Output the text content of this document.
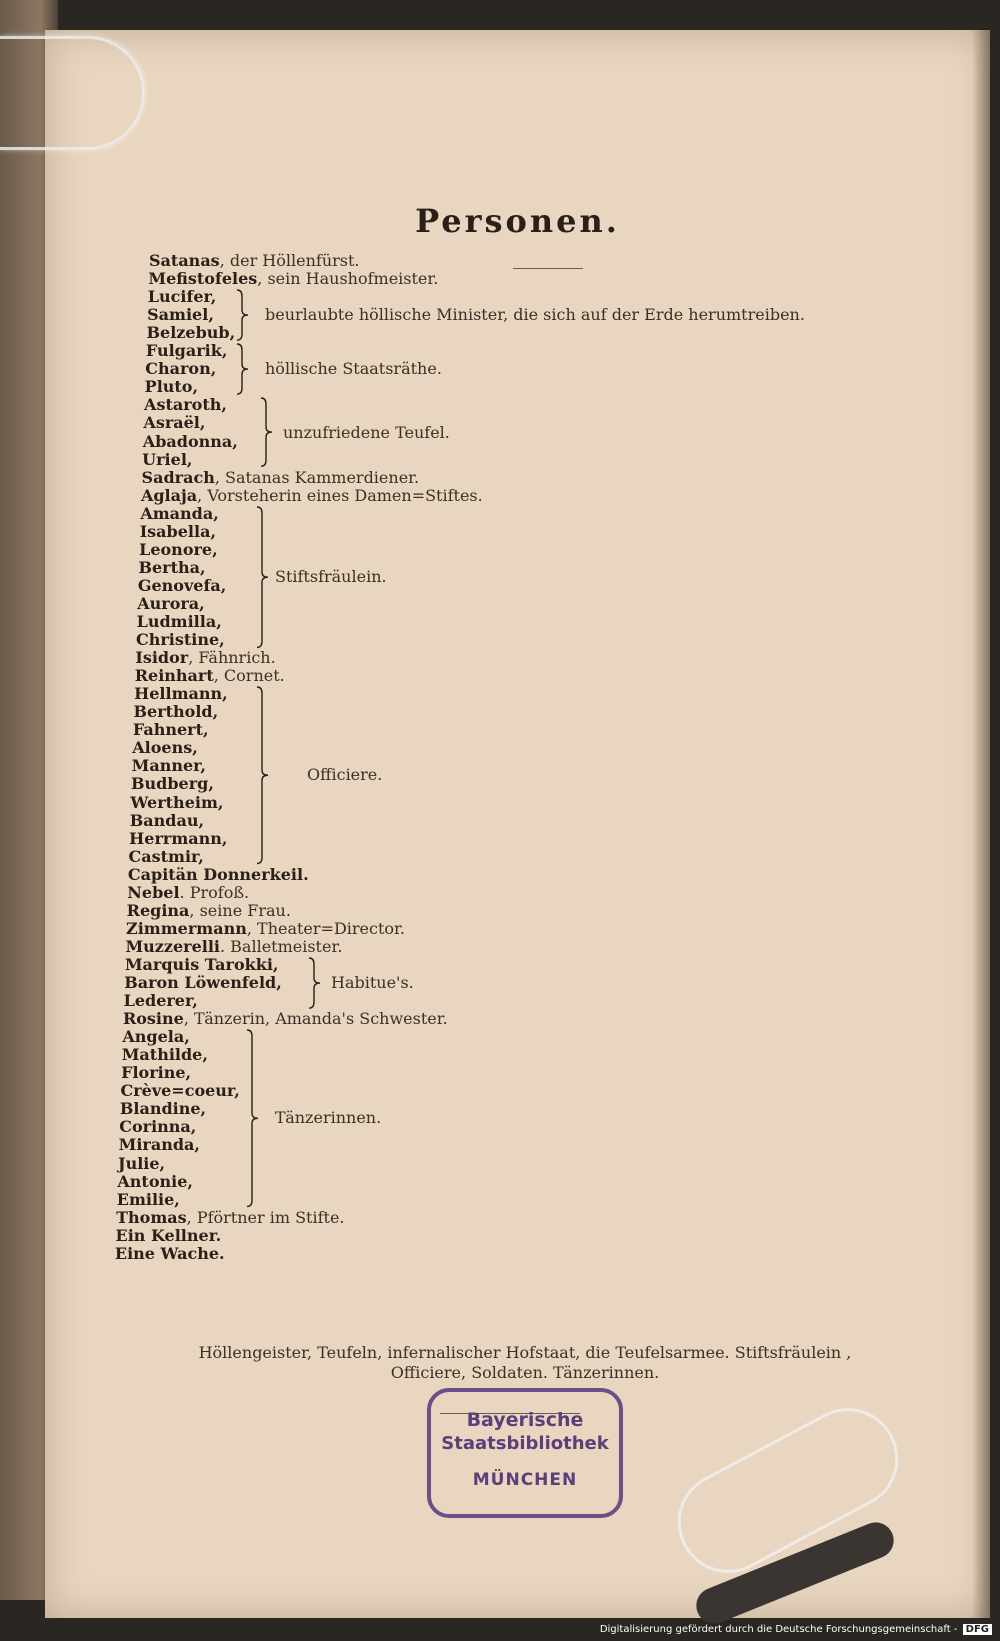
Personen.
Satanas, der Höllenfürst.
Mefistofeles, sein Haushofmeister.
Lucifer,
Samiel,
Belzebub,
Fulgarik,
Charon,
Pluto,
Astaroth,
Asraël,
Abadonna,
Uriel,
Sadrach, Satanas Kammerdiener.
Aglaja, Vorsteherin eines Damen=Stiftes.
Amanda,
Isabella,
Leonore,
Bertha,
Genovefa,
Aurora,
Ludmilla,
Christine,
Isidor, Fähnrich.
Reinhart, Cornet.
Hellmann,
Berthold,
Fahnert,
Aloens,
Manner,
Budberg,
Wertheim,
Bandau,
Herrmann,
Castmir,
Capitän Donnerkeil.
Nebel. Profoß.
Regina, seine Frau.
Zimmermann, Theater=Director.
Muzzerelli. Balletmeister.
Marquis Tarokki,
Baron Löwenfeld,
Lederer,
Rosine, Tänzerin, Amanda's Schwester.
Angela,
Mathilde,
Florine,
Crève=coeur,
Blandine,
Corinna,
Miranda,
Julie,
Antonie,
Emilie,
Thomas, Pförtner im Stifte.
Ein Kellner.
Eine Wache.
beurlaubte höllische Minister, die sich auf der Erde herumtreiben.
höllische Staatsräthe.
unzufriedene Teufel.
Stiftsfräulein.
Officiere.
Habitue's.
Tänzerinnen.
Höllengeister, Teufeln, infernalischer Hofstaat, die Teufelsarmee. Stiftsfräulein ,
Officiere, Soldaten. Tänzerinnen.
Bayerische
Staatsbibliothek
MÜNCHEN
Digitalisierung gefördert durch die Deutsche Forschungsgemeinschaft - DFG
